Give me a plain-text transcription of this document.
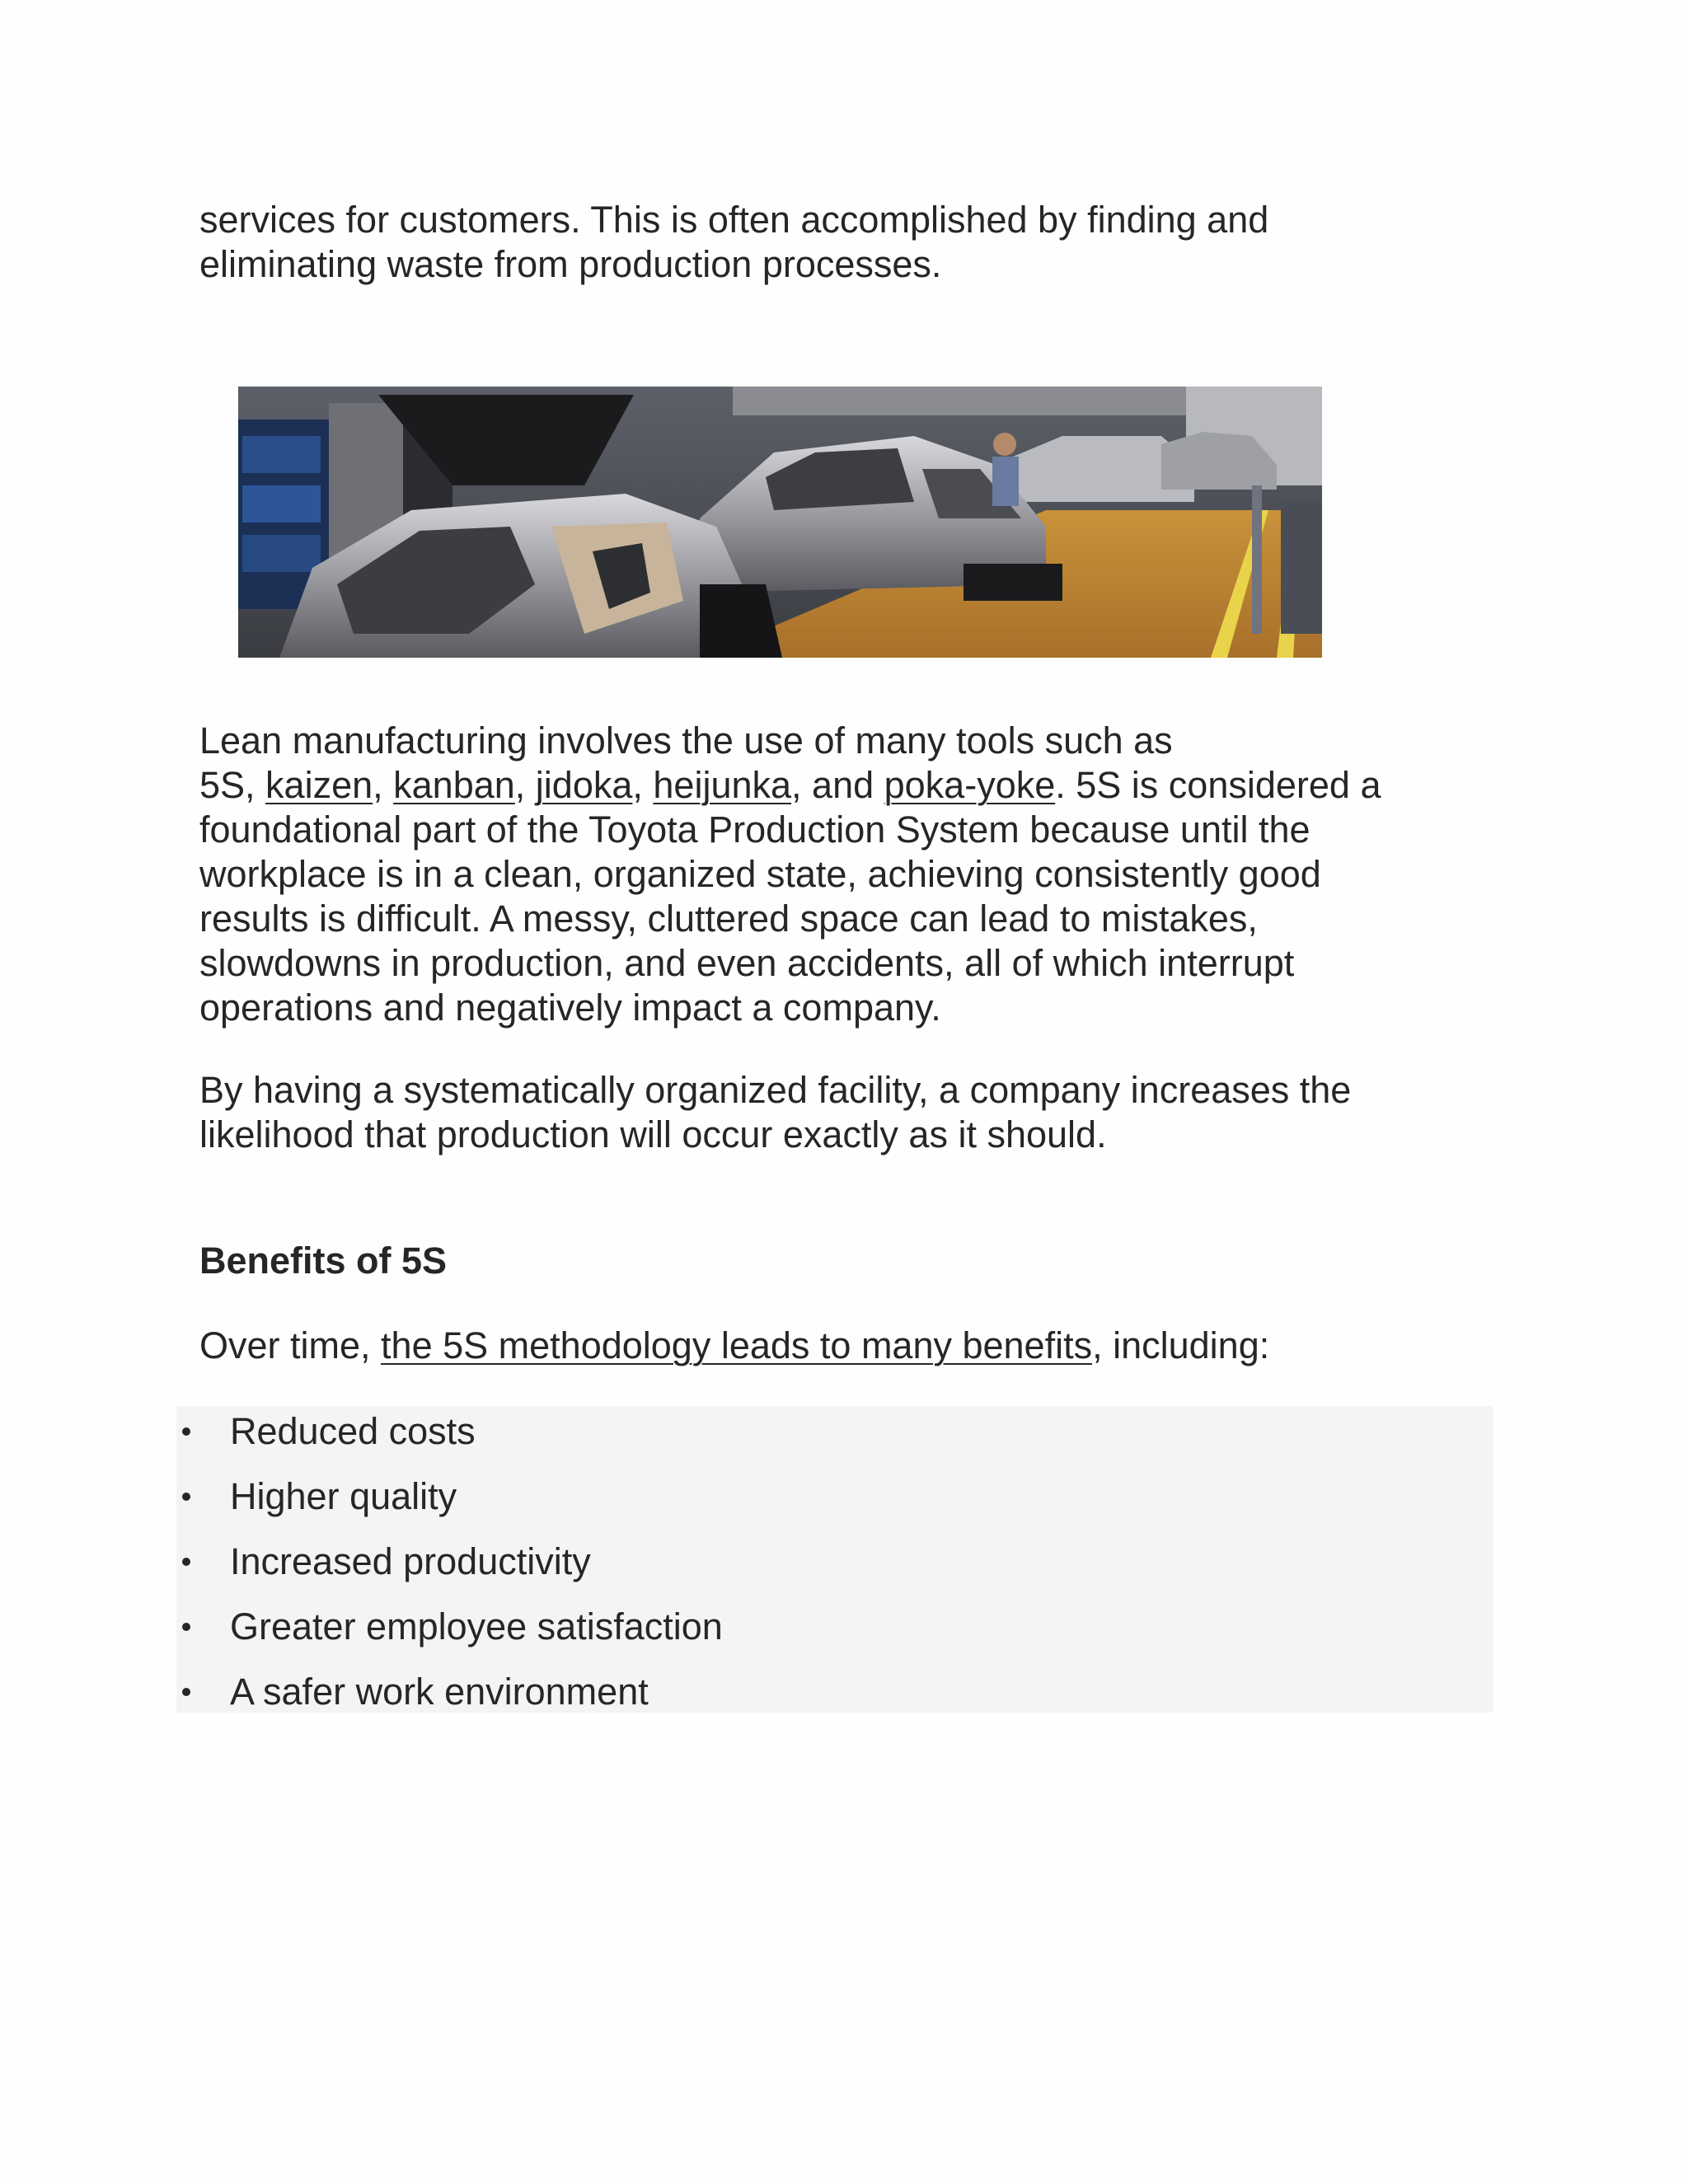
services for customers. This is often accomplished by finding and
eliminating waste from production processes.

Lean manufacturing involves the use of many tools such as
5S, kaizen, kanban, jidoka, heijunka, and poka-yoke. 5S is considered a
foundational part of the Toyota Production System because until the
workplace is in a clean, organized state, achieving consistently good
results is difficult. A messy, cluttered space can lead to mistakes,
slowdowns in production, and even accidents, all of which interrupt
operations and negatively impact a company.

By having a systematically organized facility, a company increases the
likelihood that production will occur exactly as it should.

Benefits of 5S

Over time, the 5S methodology leads to many benefits, including:

Reduced costs
Higher quality
Increased productivity
Greater employee satisfaction
A safer work environment
